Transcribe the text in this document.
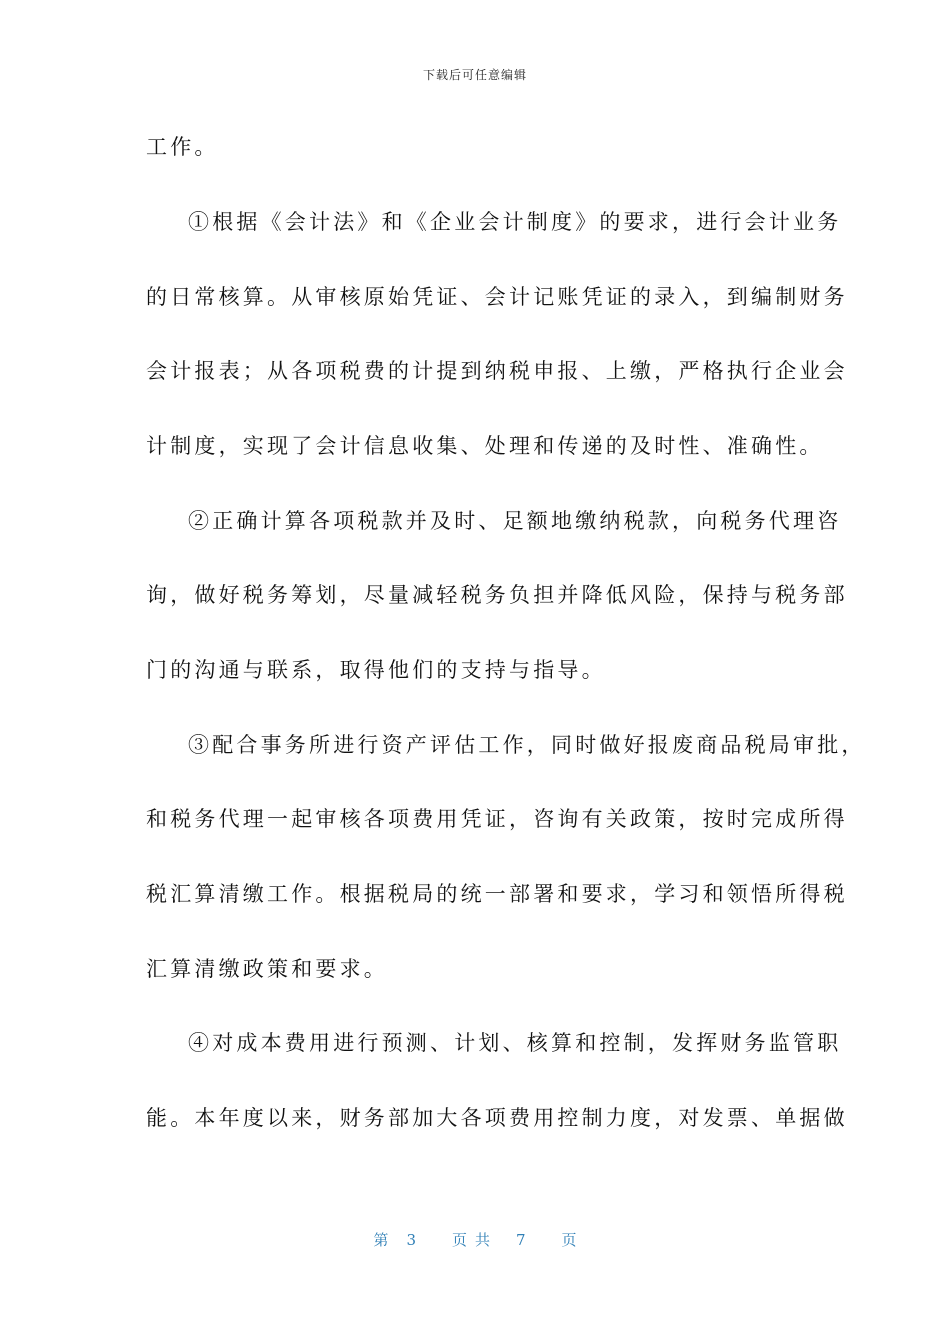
下载后可任意编辑
工作。
①根据《会计法》和《企业会计制度》的要求，进行会计业务
的日常核算。从审核原始凭证、会计记账凭证的录入，到编制财务
会计报表；从各项税费的计提到纳税申报、上缴，严格执行企业会
计制度，实现了会计信息收集、处理和传递的及时性、准确性。
②正确计算各项税款并及时、足额地缴纳税款，向税务代理咨
询，做好税务筹划，尽量减轻税务负担并降低风险，保持与税务部
门的沟通与联系，取得他们的支持与指导。
③配合事务所进行资产评估工作，同时做好报废商品税局审批，
和税务代理一起审核各项费用凭证，咨询有关政策，按时完成所得
税汇算清缴工作。根据税局的统一部署和要求，学习和领悟所得税
汇算清缴政策和要求。
④对成本费用进行预测、计划、核算和控制，发挥财务监管职
能。本年度以来，财务部加大各项费用控制力度，对发票、单据做
第 3 页共 7 页
